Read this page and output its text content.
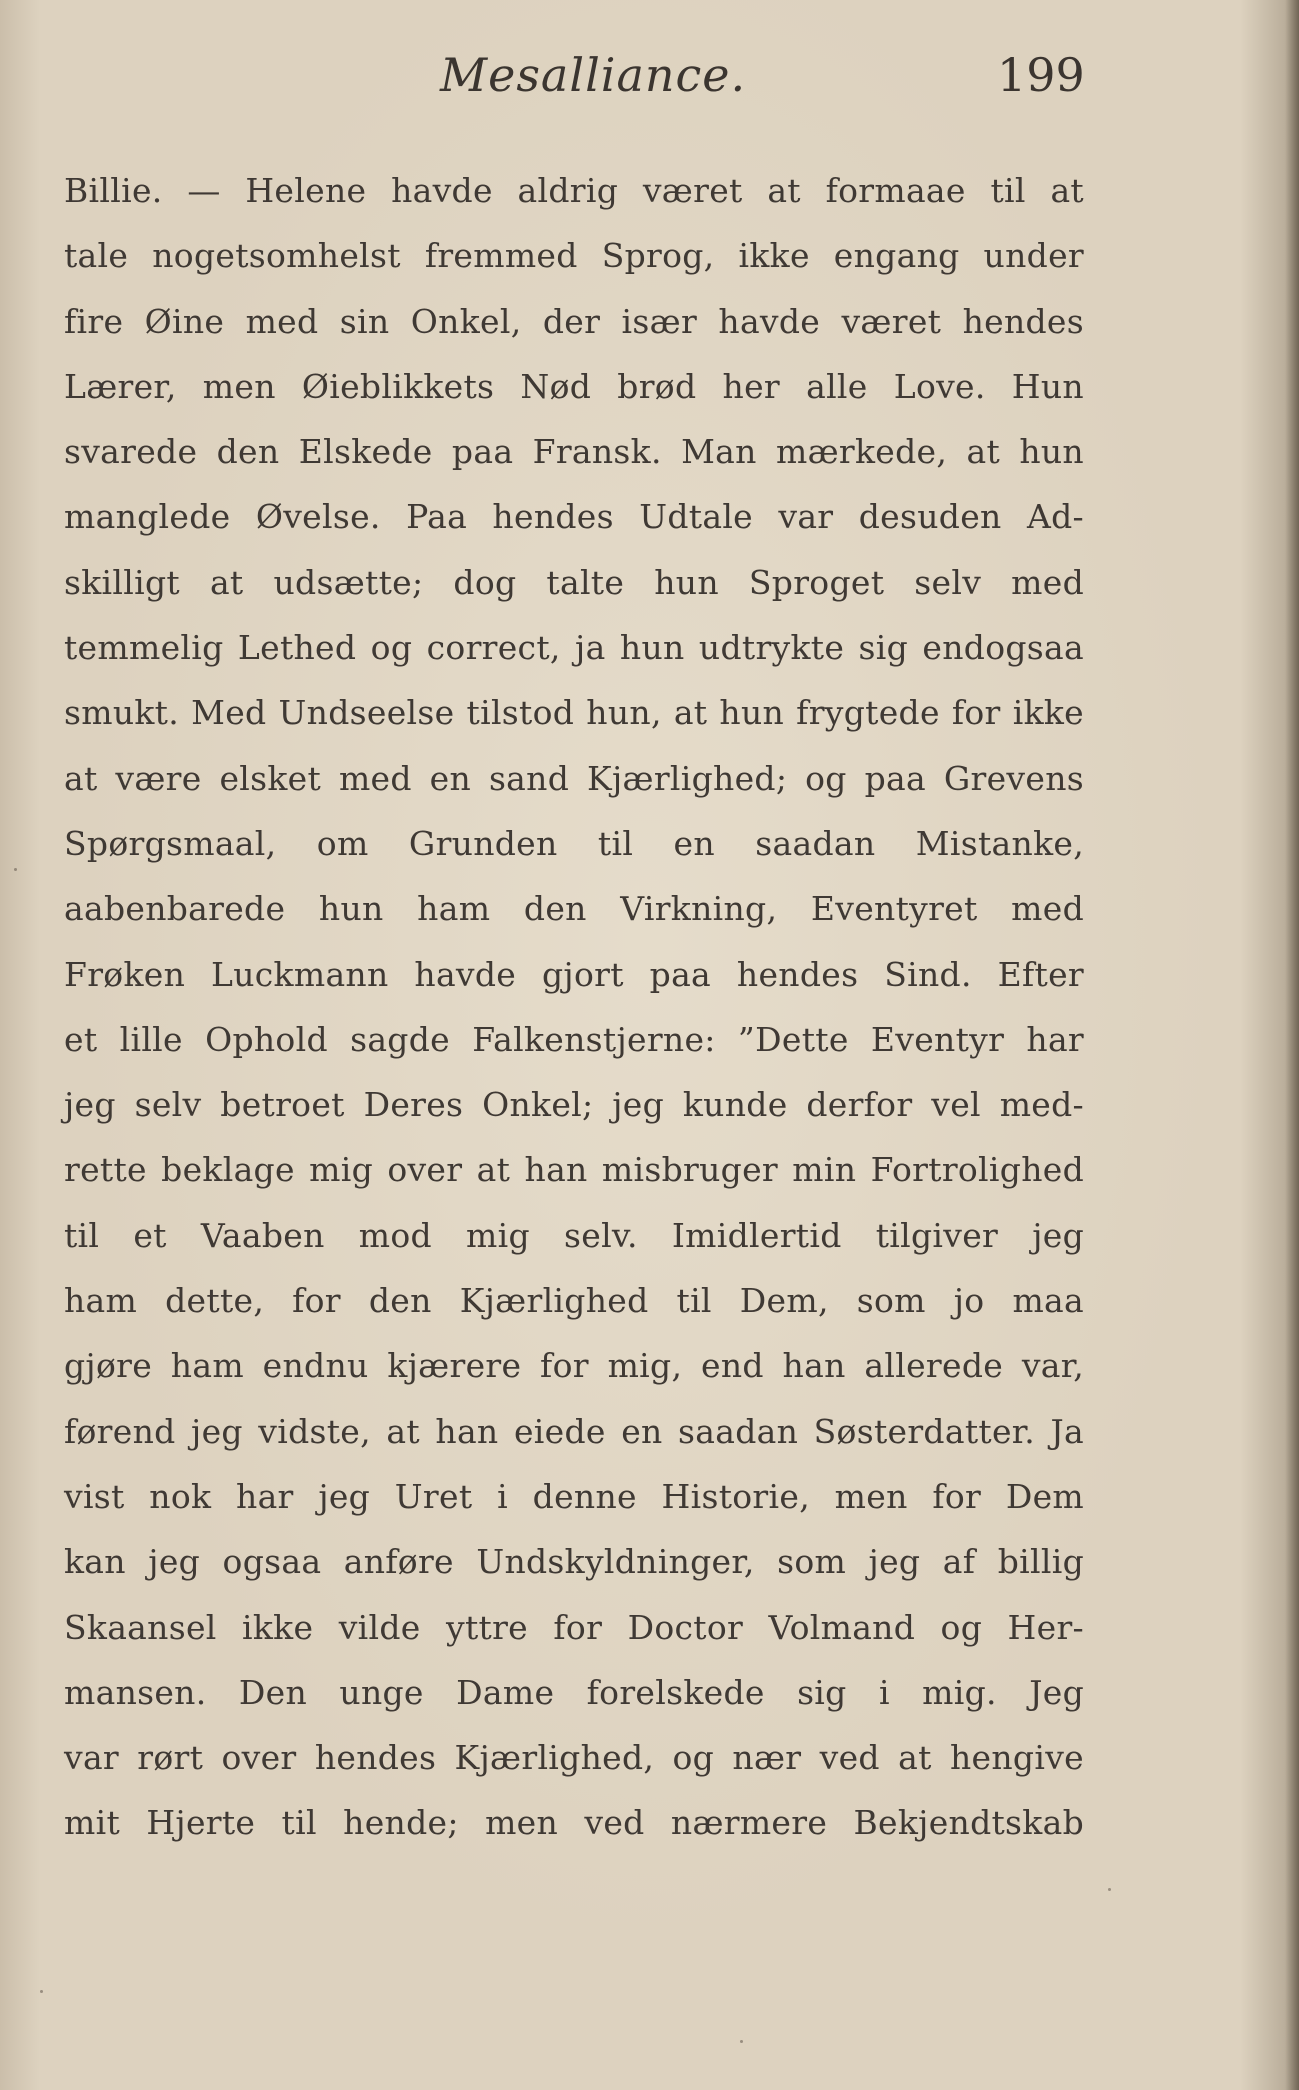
Mesalliance.	199
Billie. — Helene havde aldrig været at formaae til at
tale nogetsomhelst fremmed Sprog, ikke engang under
fire Øine med sin Onkel, der især havde været hendes
Lærer, men Øieblikkets Nød brød her alle Love. Hun
svarede den Elskede paa Fransk. Man mærkede, at hun
manglede Øvelse. Paa hendes Udtale var desuden Ad-
skilligt at udsætte; dog talte hun Sproget selv med
temmelig Lethed og correct, ja hun udtrykte sig endogsaa
smukt. Med Undseelse tilstod hun, at hun frygtede for ikke
at være elsket med en sand Kjærlighed; og paa Grevens
Spørgsmaal, om Grunden til en saadan Mistanke,
aabenbarede hun ham den Virkning, Eventyret med
Frøken Luckmann havde gjort paa hendes Sind. Efter
et lille Ophold sagde Falkenstjerne: ”Dette Eventyr har
jeg selv betroet Deres Onkel; jeg kunde derfor vel med-
rette beklage mig over at han misbruger min Fortrolighed
til et Vaaben mod mig selv. Imidlertid tilgiver jeg
ham dette, for den Kjærlighed til Dem, som jo maa
gjøre ham endnu kjærere for mig, end han allerede var,
førend jeg vidste, at han eiede en saadan Søsterdatter. Ja
vist nok har jeg Uret i denne Historie, men for Dem
kan jeg ogsaa anføre Undskyldninger, som jeg af billig
Skaansel ikke vilde yttre for Doctor Volmand og Her-
mansen. Den unge Dame forelskede sig i mig. Jeg
var rørt over hendes Kjærlighed, og nær ved at hengive
mit Hjerte til hende; men ved nærmere Bekjendtskab
